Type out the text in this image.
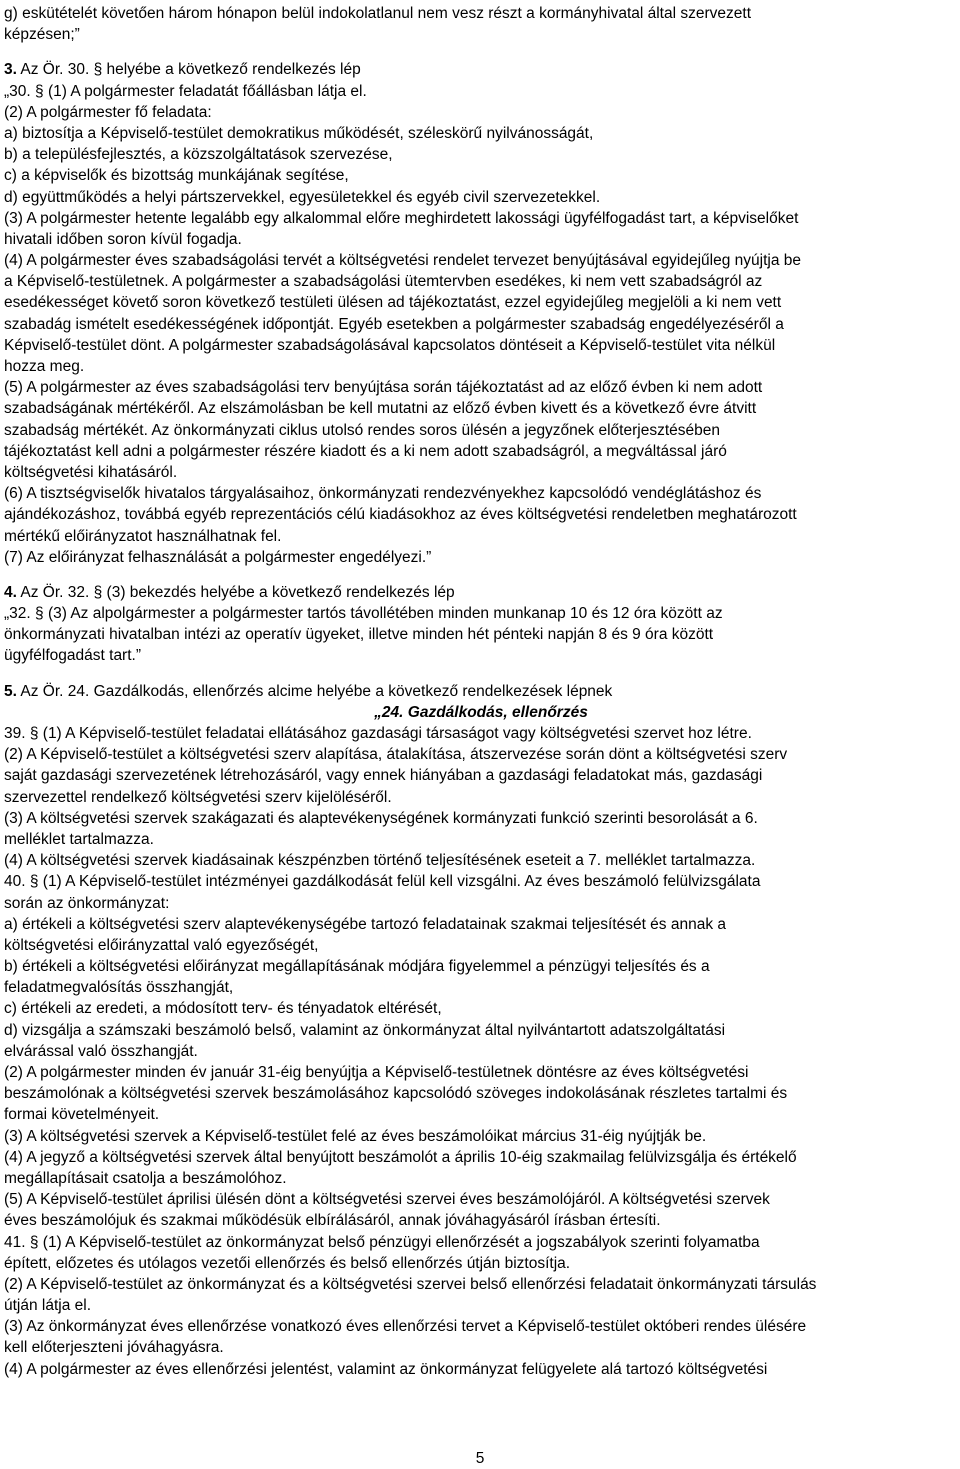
g) eskütételét követően három hónapon belül indokolatlanul nem vesz részt a kormányhivatal által szervezett
képzésen;”
3. Az Ör. 30. § helyébe a következő rendelkezés lép
„30. § (1) A polgármester feladatát főállásban látja el.
(2) A polgármester fő feladata:
a) biztosítja a Képviselő-testület demokratikus működését, széleskörű nyilvánosságát,
b) a településfejlesztés, a közszolgáltatások szervezése,
c) a képviselők és bizottság munkájának segítése,
d) együttműködés a helyi pártszervekkel, egyesületekkel és egyéb civil szervezetekkel.
(3) A polgármester hetente legalább egy alkalommal előre meghirdetett lakossági ügyfélfogadást tart, a képviselőket
hivatali időben soron kívül fogadja.
(4) A polgármester éves szabadságolási tervét a költségvetési rendelet tervezet benyújtásával egyidejűleg nyújtja be
a Képviselő-testületnek. A polgármester a szabadságolási ütemtervben esedékes, ki nem vett szabadságról az
esedékességet követő soron következő testületi ülésen ad tájékoztatást, ezzel egyidejűleg megjelöli a ki nem vett
szabadág ismételt esedékességének időpontját. Egyéb esetekben a polgármester szabadság engedélyezéséről a
Képviselő-testület dönt. A polgármester szabadságolásával kapcsolatos döntéseit a Képviselő-testület vita nélkül
hozza meg.
(5) A polgármester az éves szabadságolási terv benyújtása során tájékoztatást ad az előző évben ki nem adott
szabadságának mértékéről. Az elszámolásban be kell mutatni az előző évben kivett és a következő évre átvitt
szabadság mértékét. Az önkormányzati ciklus utolsó rendes soros ülésén a jegyzőnek előterjesztésében
tájékoztatást kell adni a polgármester részére kiadott és a ki nem adott szabadságról, a megváltással járó
költségvetési kihatásáról.
(6) A tisztségviselők hivatalos tárgyalásaihoz, önkormányzati rendezvényekhez kapcsolódó vendéglátáshoz és
ajándékozáshoz, továbbá egyéb reprezentációs célú kiadásokhoz az éves költségvetési rendeletben meghatározott
mértékű előirányzatot használhatnak fel.
(7) Az előirányzat felhasználását a polgármester engedélyezi.”
4. Az Ör. 32. § (3) bekezdés helyébe a következő rendelkezés lép
„32. § (3) Az alpolgármester a polgármester tartós távollétében minden munkanap 10 és 12 óra között az
önkormányzati hivatalban intézi az operatív ügyeket, illetve minden hét pénteki napján 8 és 9 óra között
ügyfélfogadást tart.”
5. Az Ör. 24. Gazdálkodás, ellenőrzés alcime helyébe a következő rendelkezések lépnek
„24. Gazdálkodás, ellenőrzés
39. § (1) A Képviselő-testület feladatai ellátásához gazdasági társaságot vagy költségvetési szervet hoz létre.
(2) A Képviselő-testület a költségvetési szerv alapítása, átalakítása, átszervezése során dönt a költségvetési szerv
saját gazdasági szervezetének létrehozásáról, vagy ennek hiányában a gazdasági feladatokat más, gazdasági
szervezettel rendelkező költségvetési szerv kijelöléséről.
(3) A költségvetési szervek szakágazati és alaptevékenységének kormányzati funkció szerinti besorolását a 6.
melléklet tartalmazza.
(4) A költségvetési szervek kiadásainak készpénzben történő teljesítésének eseteit a 7. melléklet tartalmazza.
40. § (1) A Képviselő-testület intézményei gazdálkodását felül kell vizsgálni. Az éves beszámoló felülvizsgálata
során az önkormányzat:
a) értékeli a költségvetési szerv alaptevékenységébe tartozó feladatainak szakmai teljesítését és annak a
költségvetési előirányzattal való egyezőségét,
b) értékeli a költségvetési előirányzat megállapításának módjára figyelemmel a pénzügyi teljesítés és a
feladatmegvalósítás összhangját,
c) értékeli az eredeti, a módosított terv- és tényadatok eltérését,
d) vizsgálja a számszaki beszámoló belső, valamint az önkormányzat által nyilvántartott adatszolgáltatási
elvárással való összhangját.
(2) A polgármester minden év január 31-éig benyújtja a Képviselő-testületnek döntésre az éves költségvetési
beszámolónak a költségvetési szervek beszámolásához kapcsolódó szöveges indokolásának részletes tartalmi és
formai követelményeit.
(3) A költségvetési szervek a Képviselő-testület felé az éves beszámolóikat március 31-éig nyújtják be.
(4) A jegyző a költségvetési szervek által benyújtott beszámolót a április 10-éig szakmailag felülvizsgálja és értékelő
megállapításait csatolja a beszámolóhoz.
(5) A Képviselő-testület áprilisi ülésén dönt a költségvetési szervei éves beszámolójáról. A költségvetési szervek
éves beszámolójuk és szakmai működésük elbírálásáról, annak jóváhagyásáról írásban értesíti.
41. § (1) A Képviselő-testület az önkormányzat belső pénzügyi ellenőrzését a jogszabályok szerinti folyamatba
épített, előzetes és utólagos vezetői ellenőrzés és belső ellenőrzés útján biztosítja.
(2) A Képviselő-testület az önkormányzat és a költségvetési szervei belső ellenőrzési feladatait önkormányzati társulás
útján látja el.
(3) Az önkormányzat éves ellenőrzése vonatkozó éves ellenőrzési tervet a Képviselő-testület októberi rendes ülésére
kell előterjeszteni jóváhagyásra.
(4) A polgármester az éves ellenőrzési jelentést, valamint az önkormányzat felügyelete alá tartozó költségvetési
5
